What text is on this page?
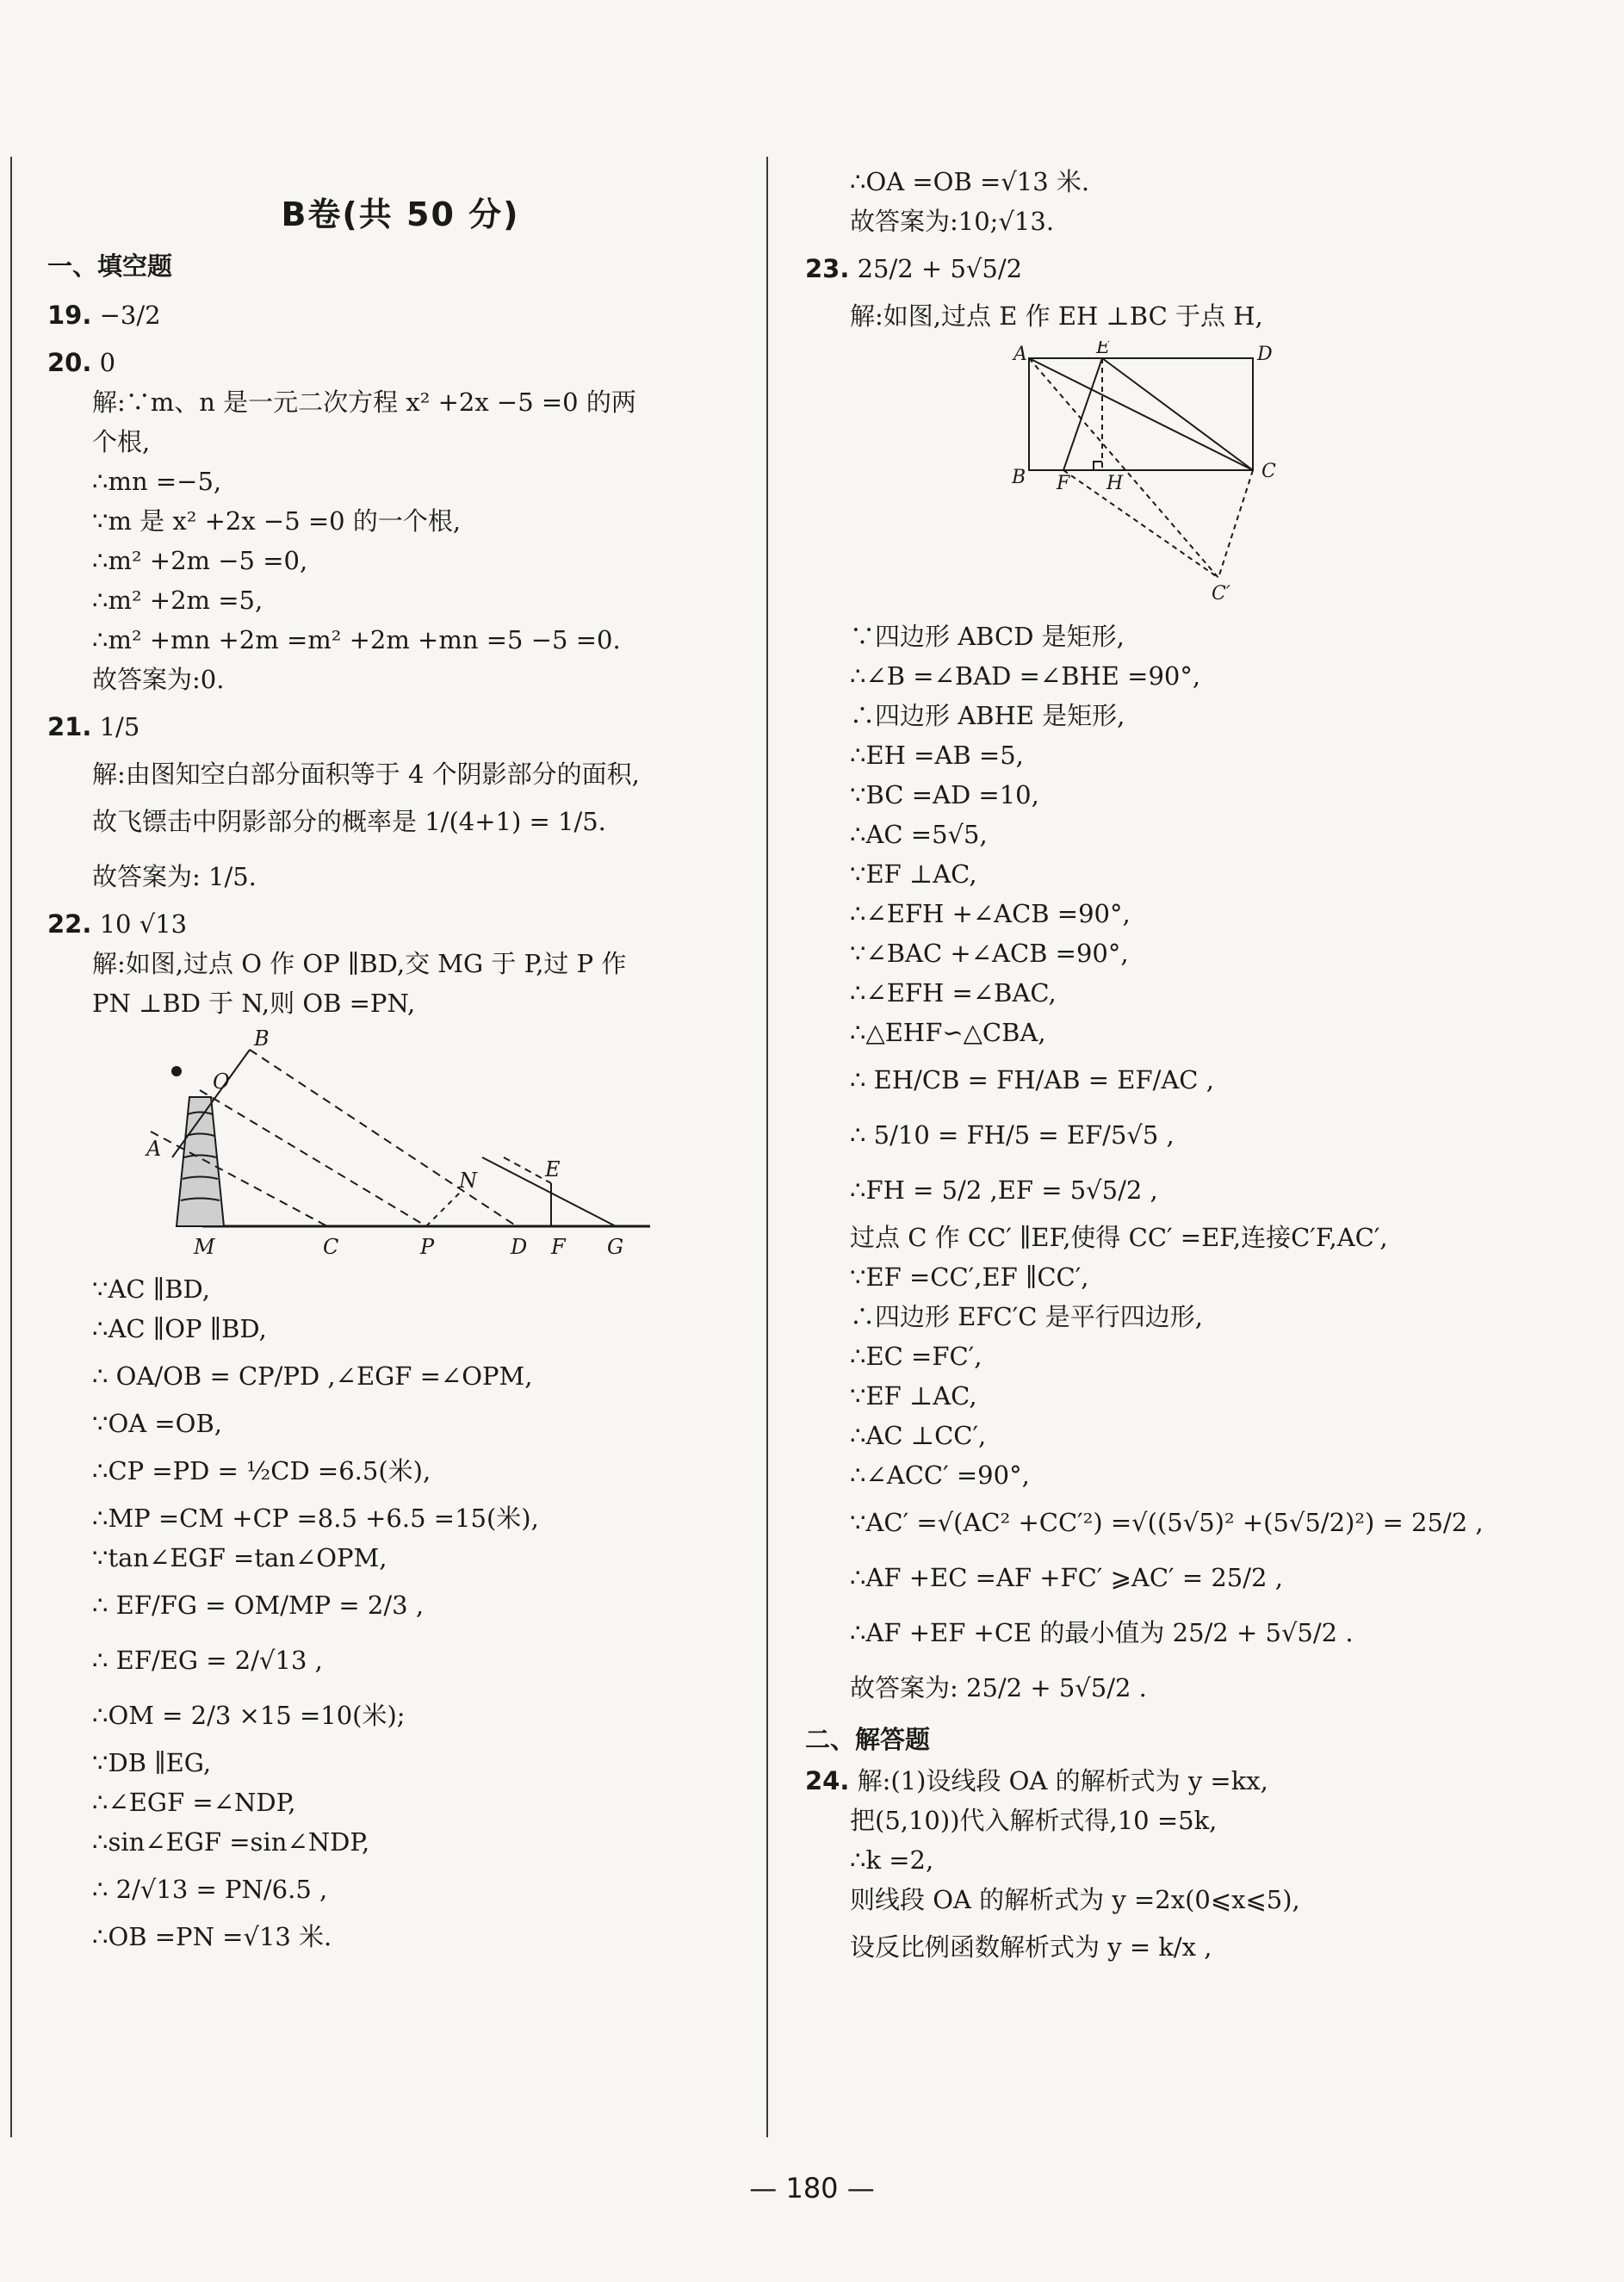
B卷(共 50 分)
一、填空题
19. −3/2
20. 0
解:∵m、n 是一元二次方程 x² +2x −5 =0 的两
个根,
∴mn =−5,
∵m 是 x² +2x −5 =0 的一个根,
∴m² +2m −5 =0,
∴m² +2m =5,
∴m² +mn +2m =m² +2m +mn =5 −5 =0.
故答案为:0.
21. 1/5
解:由图知空白部分面积等于 4 个阴影部分的面积,
故飞镖击中阴影部分的概率是 1/(4+1) = 1/5.
故答案为: 1/5.
22. 10 √13
解:如图,过点 O 作 OP ∥BD,交 MG 于 P,过 P 作
PN ⊥BD 于 N,则 OB =PN,
B
O
A
M	C	P
N
D
E
F G
∵AC ∥BD,
∴AC ∥OP ∥BD,
∴ OA/OB = CP/PD ,∠EGF =∠OPM,
∵OA =OB,
∴CP =PD = ½CD =6.5(米),
∴MP =CM +CP =8.5 +6.5 =15(米),
∵tan∠EGF =tan∠OPM,
∴ EF/FG = OM/MP = 2/3 ,
∴ EF/EG = 2/√13 ,
∴OM = 2/3 ×15 =10(米);
∵DB ∥EG,
∴∠EGF =∠NDP,
∴sin∠EGF =sin∠NDP,
∴ 2/√13 = PN/6.5 ,
∴OB =PN =√13 米.
∴OA =OB =√13 米.
故答案为:10;√13.
23. 25/2 + 5√5/2
解:如图,过点 E 作 EH ⊥BC 于点 H,
A	E	D
B F H
C
C′
∵四边形 ABCD 是矩形,
∴∠B =∠BAD =∠BHE =90°,
∴四边形 ABHE 是矩形,
∴EH =AB =5,
∵BC =AD =10,
∴AC =5√5,
∵EF ⊥AC,
∴∠EFH +∠ACB =90°,
∵∠BAC +∠ACB =90°,
∴∠EFH =∠BAC,
∴△EHF∽△CBA,
∴ EH/CB = FH/AB = EF/AC ,
∴ 5/10 = FH/5 = EF/5√5 ,
∴FH = 5/2 ,EF = 5√5/2 ,
过点 C 作 CC′ ∥EF,使得 CC′ =EF,连接C′F,AC′,
∵EF =CC′,EF ∥CC′,
∴四边形 EFC′C 是平行四边形,
∴EC =FC′,
∵EF ⊥AC,
∴AC ⊥CC′,
∴∠ACC′ =90°,
∵AC′ =√(AC² +CC′²) =√((5√5)² +(5√5/2)²) = 25/2 ,
∴AF +EC =AF +FC′ ⩾AC′ = 25/2 ,
∴AF +EF +CE 的最小值为 25/2 + 5√5/2 .
故答案为: 25/2 + 5√5/2 .
二、解答题
24. 解:(1)设线段 OA 的解析式为 y =kx,
把(5,10))代入解析式得,10 =5k,
∴k =2,
则线段 OA 的解析式为 y =2x(0⩽x⩽5),
设反比例函数解析式为 y = k/x ,
— 180 —
